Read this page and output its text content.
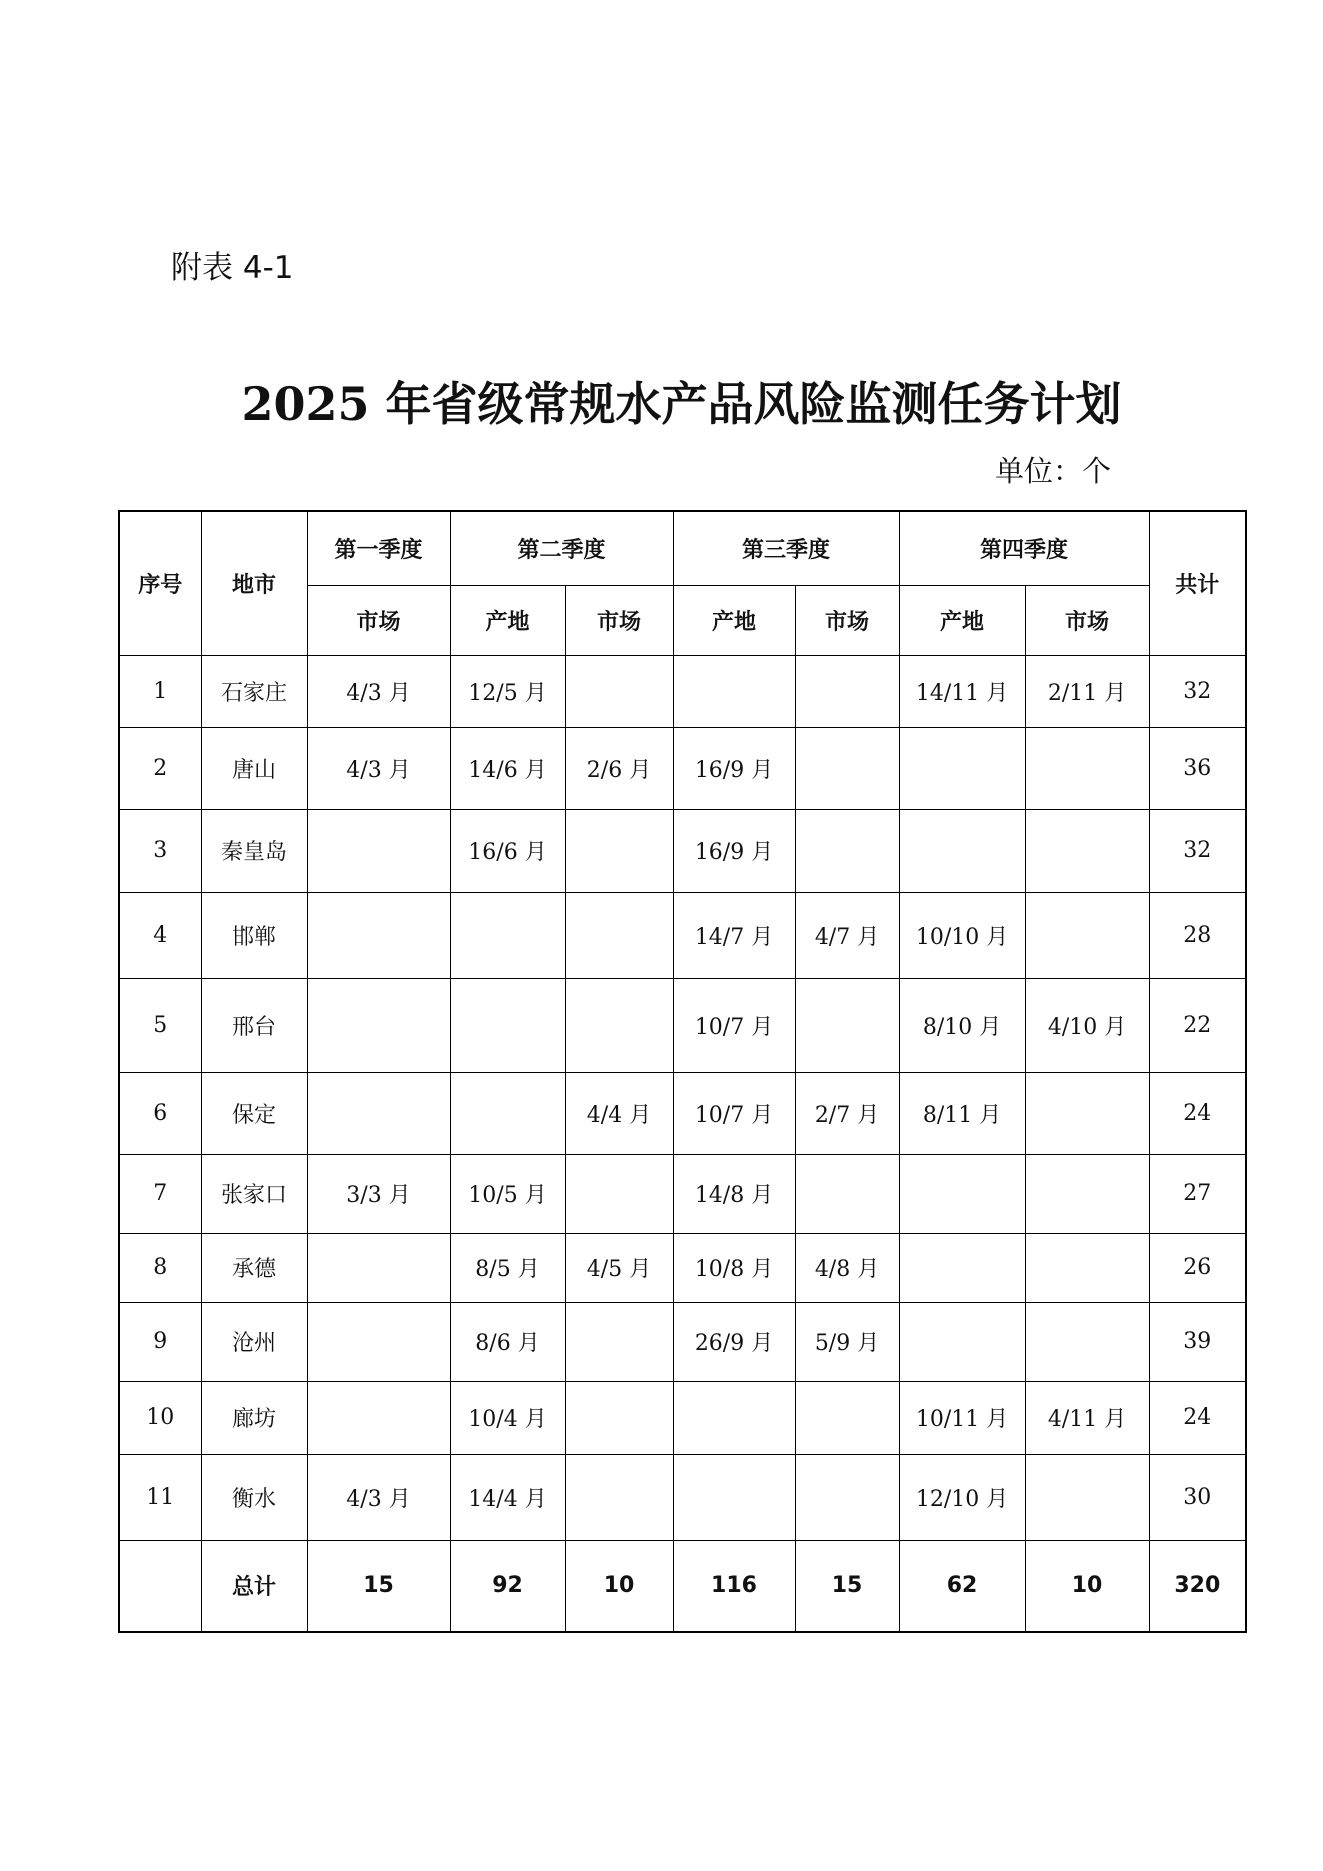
附表 4-1

2025 年省级常规水产品风险监测任务计划

单位：个

序号	地市	第一季度	第二季度		第三季度		第四季度		共计
		市场	产地	市场	产地	市场	产地	市场	
1	石家庄	4/3 月	12/5 月				14/11 月	2/11 月	32
2	唐山	4/3 月	14/6 月	2/6 月	16/9 月				36
3	秦皇岛		16/6 月		16/9 月				32
4	邯郸				14/7 月	4/7 月	10/10 月		28
5	邢台				10/7 月		8/10 月	4/10 月	22
6	保定			4/4 月	10/7 月	2/7 月	8/11 月		24
7	张家口	3/3 月	10/5 月		14/8 月				27
8	承德		8/5 月	4/5 月	10/8 月	4/8 月			26
9	沧州		8/6 月		26/9 月	5/9 月			39
10	廊坊		10/4 月				10/11 月	4/11 月	24
11	衡水	4/3 月	14/4 月				12/10 月		30
	总计	15	92	10	116	15	62	10	320
